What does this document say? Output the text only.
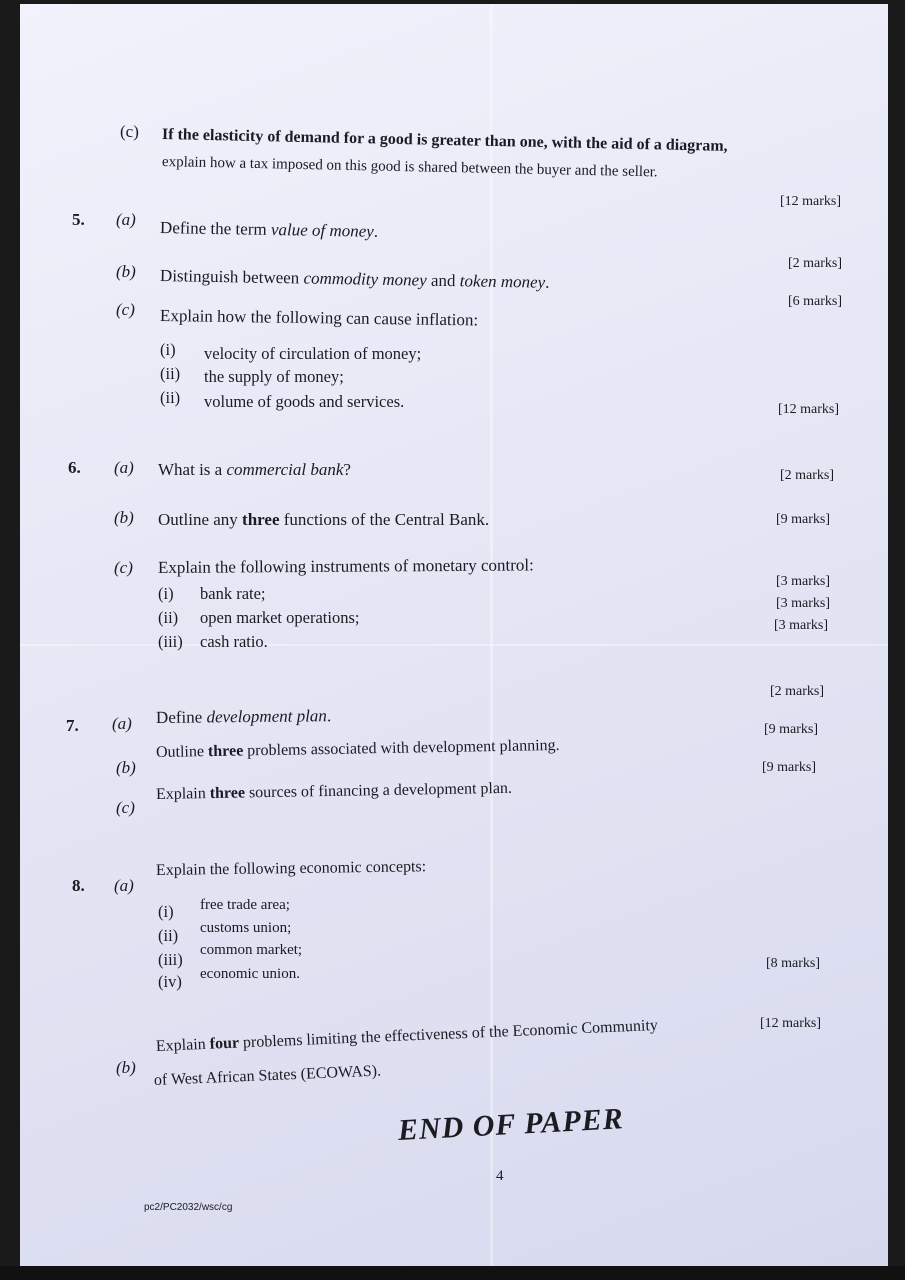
(c) If the elasticity of demand for a good is greater than one, with the aid of a diagram,
explain how a tax imposed on this good is shared between the buyer and the seller.
[12 marks]
5. (a) Define the term value of money.
[2 marks]
(b) Distinguish between commodity money and token money.
[6 marks]
(c) Explain how the following can cause inflation:
(i) velocity of circulation of money;
(ii) the supply of money;
(ii) volume of goods and services.	[12 marks]
6. (a) What is a commercial bank?	[2 marks]
(b) Outline any three functions of the Central Bank.	[9 marks]
(c) Explain the following instruments of monetary control:
(i) bank rate;
[3 marks]
(ii) open market operations;
[3 marks]
(iii) cash ratio.
[3 marks]
7. (a) Define development plan.
[2 marks]
(b)
Outline three problems associated with development planning.
[9 marks]
(c)
Explain three sources of financing a development plan.
[9 marks]
8. (a)
Explain the following economic concepts:
(i) free trade area;
(ii) customs union;
(iii) common market;
(iv) economic union.
[8 marks]
(b)
Explain four problems limiting the effectiveness of the Economic Community
of West African States (ECOWAS).
[12 marks]
END OF PAPER
4
pc2/PC2032/wsc/cg
